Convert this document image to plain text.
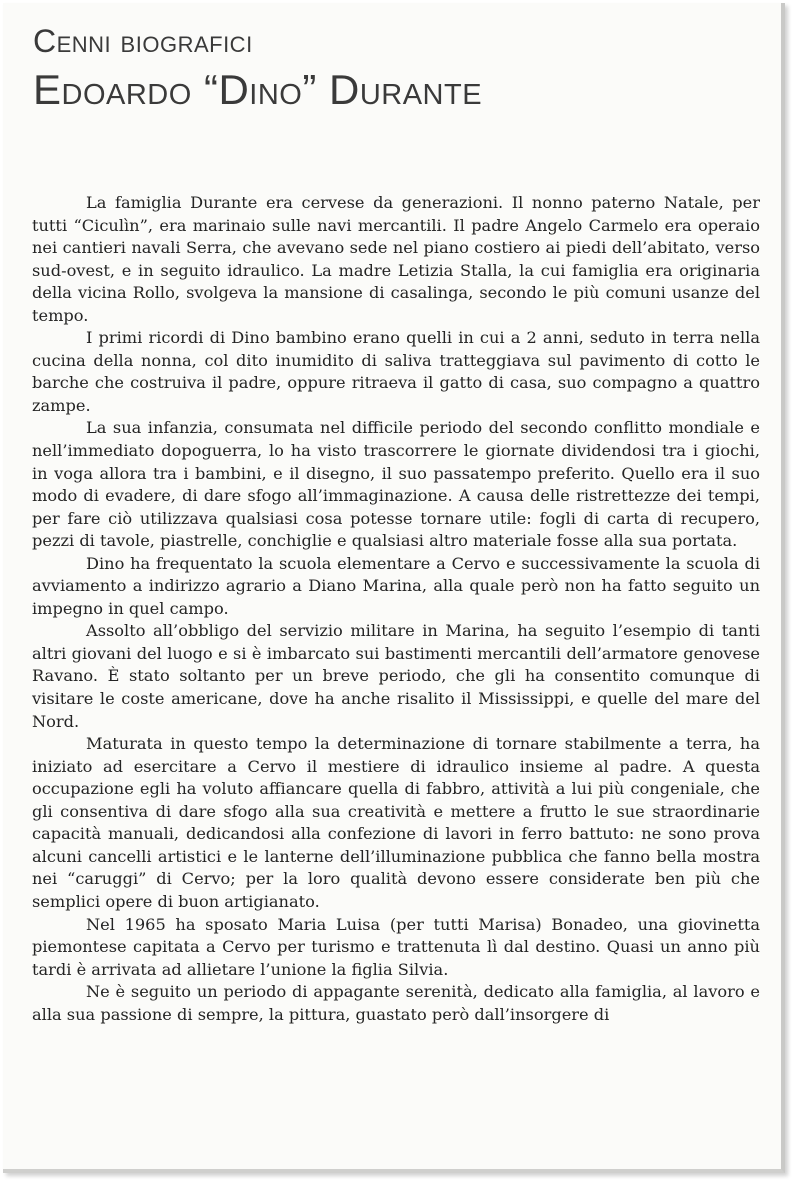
Cenni biografici
Edoardo “Dino” Durante

La famiglia Durante era cervese da generazioni. Il nonno paterno Natale, per tutti “Ciculìn”, era marinaio sulle navi mercantili. Il padre Angelo Carmelo era operaio nei cantieri navali Serra, che avevano sede nel piano costiero ai piedi dell’abitato, verso sud-ovest, e in seguito idraulico. La madre Letizia Stalla, la cui famiglia era originaria della vicina Rollo, svolgeva la mansione di casalinga, secondo le più comuni usanze del tempo.

I primi ricordi di Dino bambino erano quelli in cui a 2 anni, seduto in terra nella cucina della nonna, col dito inumidito di saliva tratteggiava sul pavimento di cotto le barche che costruiva il padre, oppure ritraeva il gatto di casa, suo compagno a quattro zampe.

La sua infanzia, consumata nel difficile periodo del secondo conflitto mondiale e nell’immediato dopoguerra, lo ha visto trascorrere le giornate dividendosi tra i giochi, in voga allora tra i bambini, e il disegno, il suo passatempo preferito. Quello era il suo modo di evadere, di dare sfogo all’immaginazione. A causa delle ristrettezze dei tempi, per fare ciò utilizzava qualsiasi cosa potesse tornare utile: fogli di carta di recupero, pezzi di tavole, piastrelle, conchiglie e qualsiasi altro materiale fosse alla sua portata.

Dino ha frequentato la scuola elementare a Cervo e successivamente la scuola di avviamento a indirizzo agrario a Diano Marina, alla quale però non ha fatto seguito un impegno in quel campo.

Assolto all’obbligo del servizio militare in Marina, ha seguito l’esempio di tanti altri giovani del luogo e si è imbarcato sui bastimenti mercantili dell’armatore genovese Ravano. È stato soltanto per un breve periodo, che gli ha consentito comunque di visitare le coste americane, dove ha anche risalito il Mississippi, e quelle del mare del Nord.

Maturata in questo tempo la determinazione di tornare stabilmente a terra, ha iniziato ad esercitare a Cervo il mestiere di idraulico insieme al padre. A questa occupazione egli ha voluto affiancare quella di fabbro, attività a lui più congeniale, che gli consentiva di dare sfogo alla sua creatività e mettere a frutto le sue straordinarie capacità manuali, dedicandosi alla confezione di lavori in ferro battuto: ne sono prova alcuni cancelli artistici e le lanterne dell’illuminazione pubblica che fanno bella mostra nei “caruggi” di Cervo; per la loro qualità devono essere considerate ben più che semplici opere di buon artigianato.

Nel 1965 ha sposato Maria Luisa (per tutti Marisa) Bonadeo, una giovinetta piemontese capitata a Cervo per turismo e trattenuta lì dal destino. Quasi un anno più tardi è arrivata ad allietare l’unione la figlia Silvia.

Ne è seguito un periodo di appagante serenità, dedicato alla famiglia, al lavoro e alla sua passione di sempre, la pittura, guastato però dall’insorgere di
